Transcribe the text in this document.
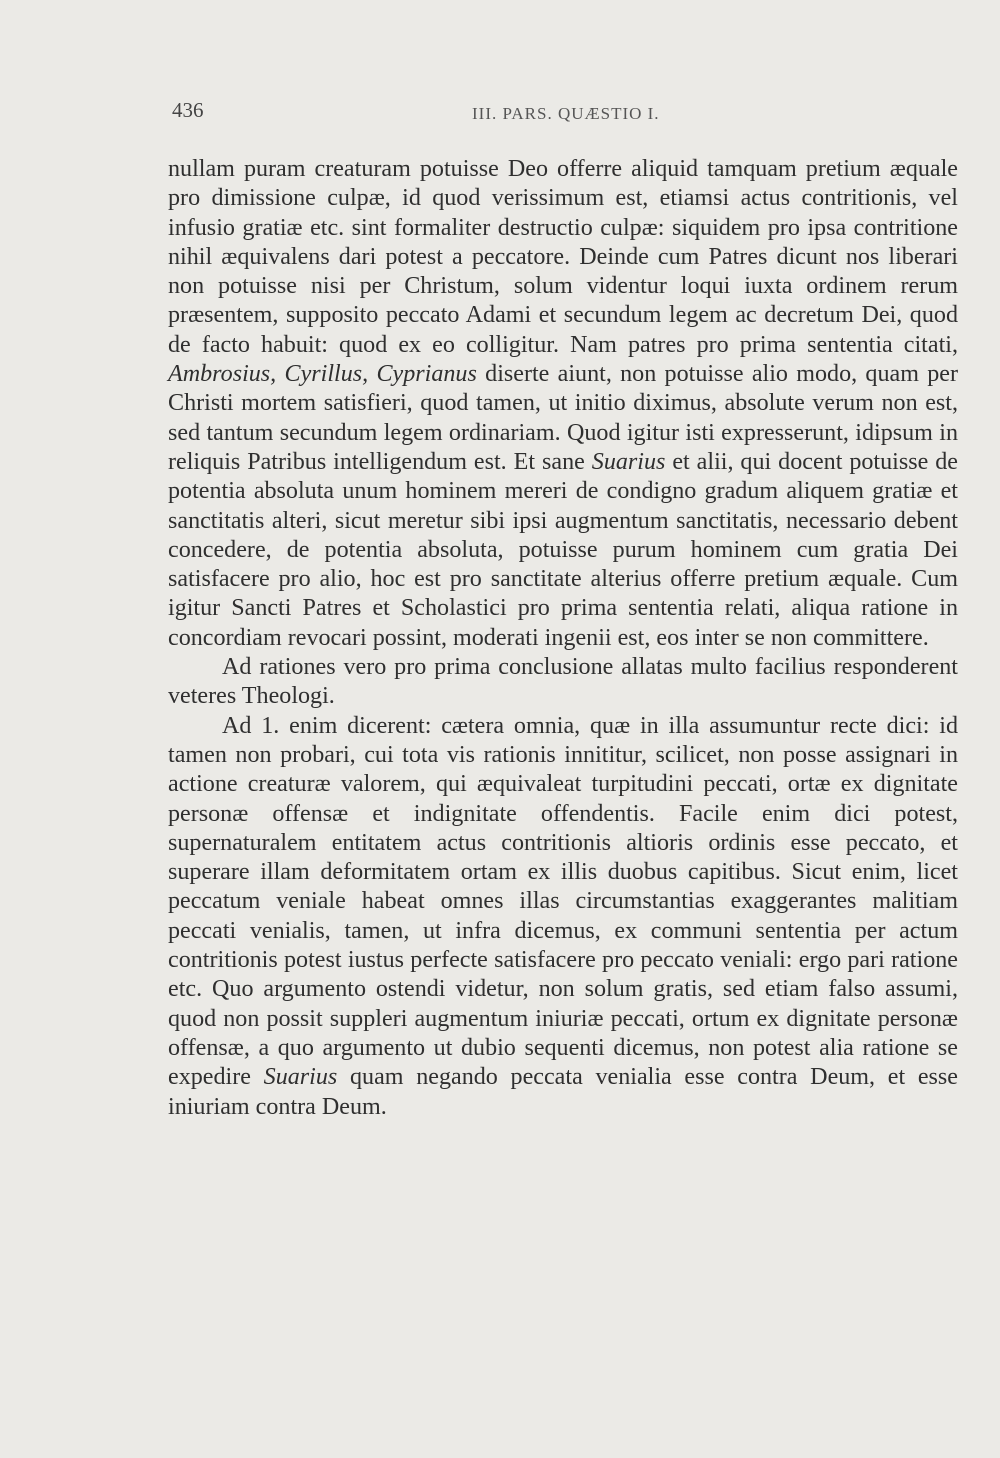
436	III. PARS. QUÆSTIO I.

nullam puram creaturam potuisse Deo offerre aliquid tamquam pretium æquale pro dimissione culpæ, id quod verissimum est, etiamsi actus contritionis, vel infusio gratiæ etc. sint formaliter destructio culpæ: siquidem pro ipsa contritione nihil æquivalens dari potest a peccatore. Deinde cum Patres dicunt nos liberari non potuisse nisi per Christum, solum videntur loqui iuxta ordinem rerum præsentem, supposito peccato Adami et secundum legem ac decretum Dei, quod de facto habuit: quod ex eo colligitur. Nam patres pro prima sententia citati, Ambrosius, Cyrillus, Cyprianus diserte aiunt, non potuisse alio modo, quam per Christi mortem satisfieri, quod tamen, ut initio diximus, absolute verum non est, sed tantum secundum legem ordinariam. Quod igitur isti expresserunt, idipsum in reliquis Patribus intelligendum est. Et sane Suarius et alii, qui docent potuisse de potentia absoluta unum hominem mereri de condigno gradum aliquem gratiæ et sanctitatis alteri, sicut meretur sibi ipsi augmentum sanctitatis, necessario debent concedere, de potentia absoluta, potuisse purum hominem cum gratia Dei satisfacere pro alio, hoc est pro sanctitate alterius offerre pretium æquale. Cum igitur Sancti Patres et Scholastici pro prima sententia relati, aliqua ratione in concordiam revocari possint, moderati ingenii est, eos inter se non committere.

Ad rationes vero pro prima conclusione allatas multo facilius responderent veteres Theologi.

Ad 1. enim dicerent: cætera omnia, quæ in illa assumuntur recte dici: id tamen non probari, cui tota vis rationis innititur, scilicet, non posse assignari in actione creaturæ valorem, qui æquivaleat turpitudini peccati, ortæ ex dignitate personæ offensæ et indignitate offendentis. Facile enim dici potest, supernaturalem entitatem actus contritionis altioris ordinis esse peccato, et superare illam deformitatem ortam ex illis duobus capitibus. Sicut enim, licet peccatum veniale habeat omnes illas circumstantias exaggerantes malitiam peccati venialis, tamen, ut infra dicemus, ex communi sententia per actum contritionis potest iustus perfecte satisfacere pro peccato veniali: ergo pari ratione etc. Quo argumento ostendi videtur, non solum gratis, sed etiam falso assumi, quod non possit suppleri augmentum iniuriæ peccati, ortum ex dignitate personæ offensæ, a quo argumento ut dubio sequenti dicemus, non potest alia ratione se expedire Suarius quam negando peccata venialia esse contra Deum, et esse iniuriam contra Deum.
